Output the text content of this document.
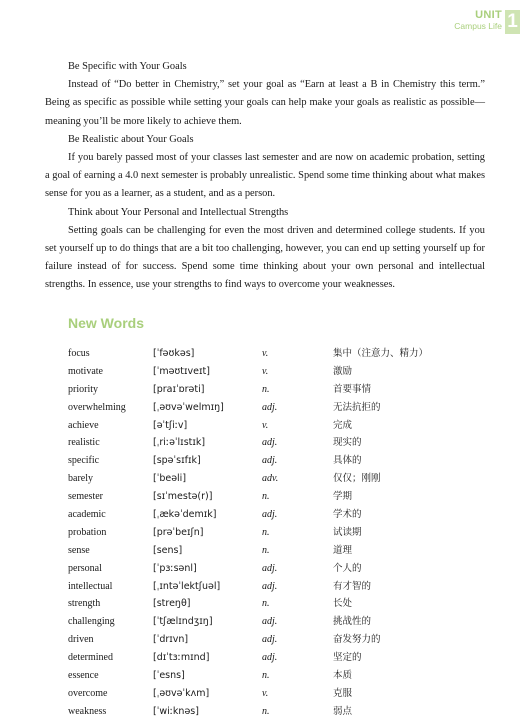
UNIT
Campus Life 1

Be Specific with Your Goals

Instead of “Do better in Chemistry,” set your goal as “Earn at least a B in Chemistry this term.” Being as specific as possible while setting your goals can help make your goals as realistic as possible—meaning you’ll be more likely to achieve them.

Be Realistic about Your Goals

If you barely passed most of your classes last semester and are now on academic probation, setting a goal of earning a 4.0 next semester is probably unrealistic. Spend some time thinking about what makes sense for you as a learner, as a student, and as a person.

Think about Your Personal and Intellectual Strengths

Setting goals can be challenging for even the most driven and determined college students. If you set yourself up to do things that are a bit too challenging, however, you can end up setting yourself up for failure instead of for success. Spend some time thinking about your own personal and intellectual strengths. In essence, use your strengths to find ways to overcome your weaknesses.

New Words
focus	[ˈfəʊkəs]	v.	集中（注意力、精力）
motivate	[ˈməʊtɪveɪt]	v.	激励
priority	[praɪˈɒrəti]	n.	首要事情
overwhelming	[ˌəʊvəˈwelmɪŋ]	adj.	无法抗拒的
achieve	[əˈtʃiːv]	v.	完成
realistic	[ˌriːəˈlɪstɪk]	adj.	现实的
specific	[spəˈsɪfɪk]	adj.	具体的
barely	[ˈbeəli]	adv.	仅仅；刚刚
semester	[sɪˈmestə(r)]	n.	学期
academic	[ˌækəˈdemɪk]	adj.	学术的
probation	[prəˈbeɪʃn]	n.	试读期
sense	[sens]	n.	道理
personal	[ˈpɜːsənl]	adj.	个人的
intellectual	[ˌɪntəˈlektʃuəl]	adj.	有才智的
strength	[streŋθ]	n.	长处
challenging	[ˈtʃælɪndʒɪŋ]	adj.	挑战性的
driven	[ˈdrɪvn]	adj.	奋发努力的
determined	[dɪˈtɜːmɪnd]	adj.	坚定的
essence	[ˈesns]	n.	本质
overcome	[ˌəʊvəˈkʌm]	v.	克服
weakness	[ˈwiːknəs]	n.	弱点
